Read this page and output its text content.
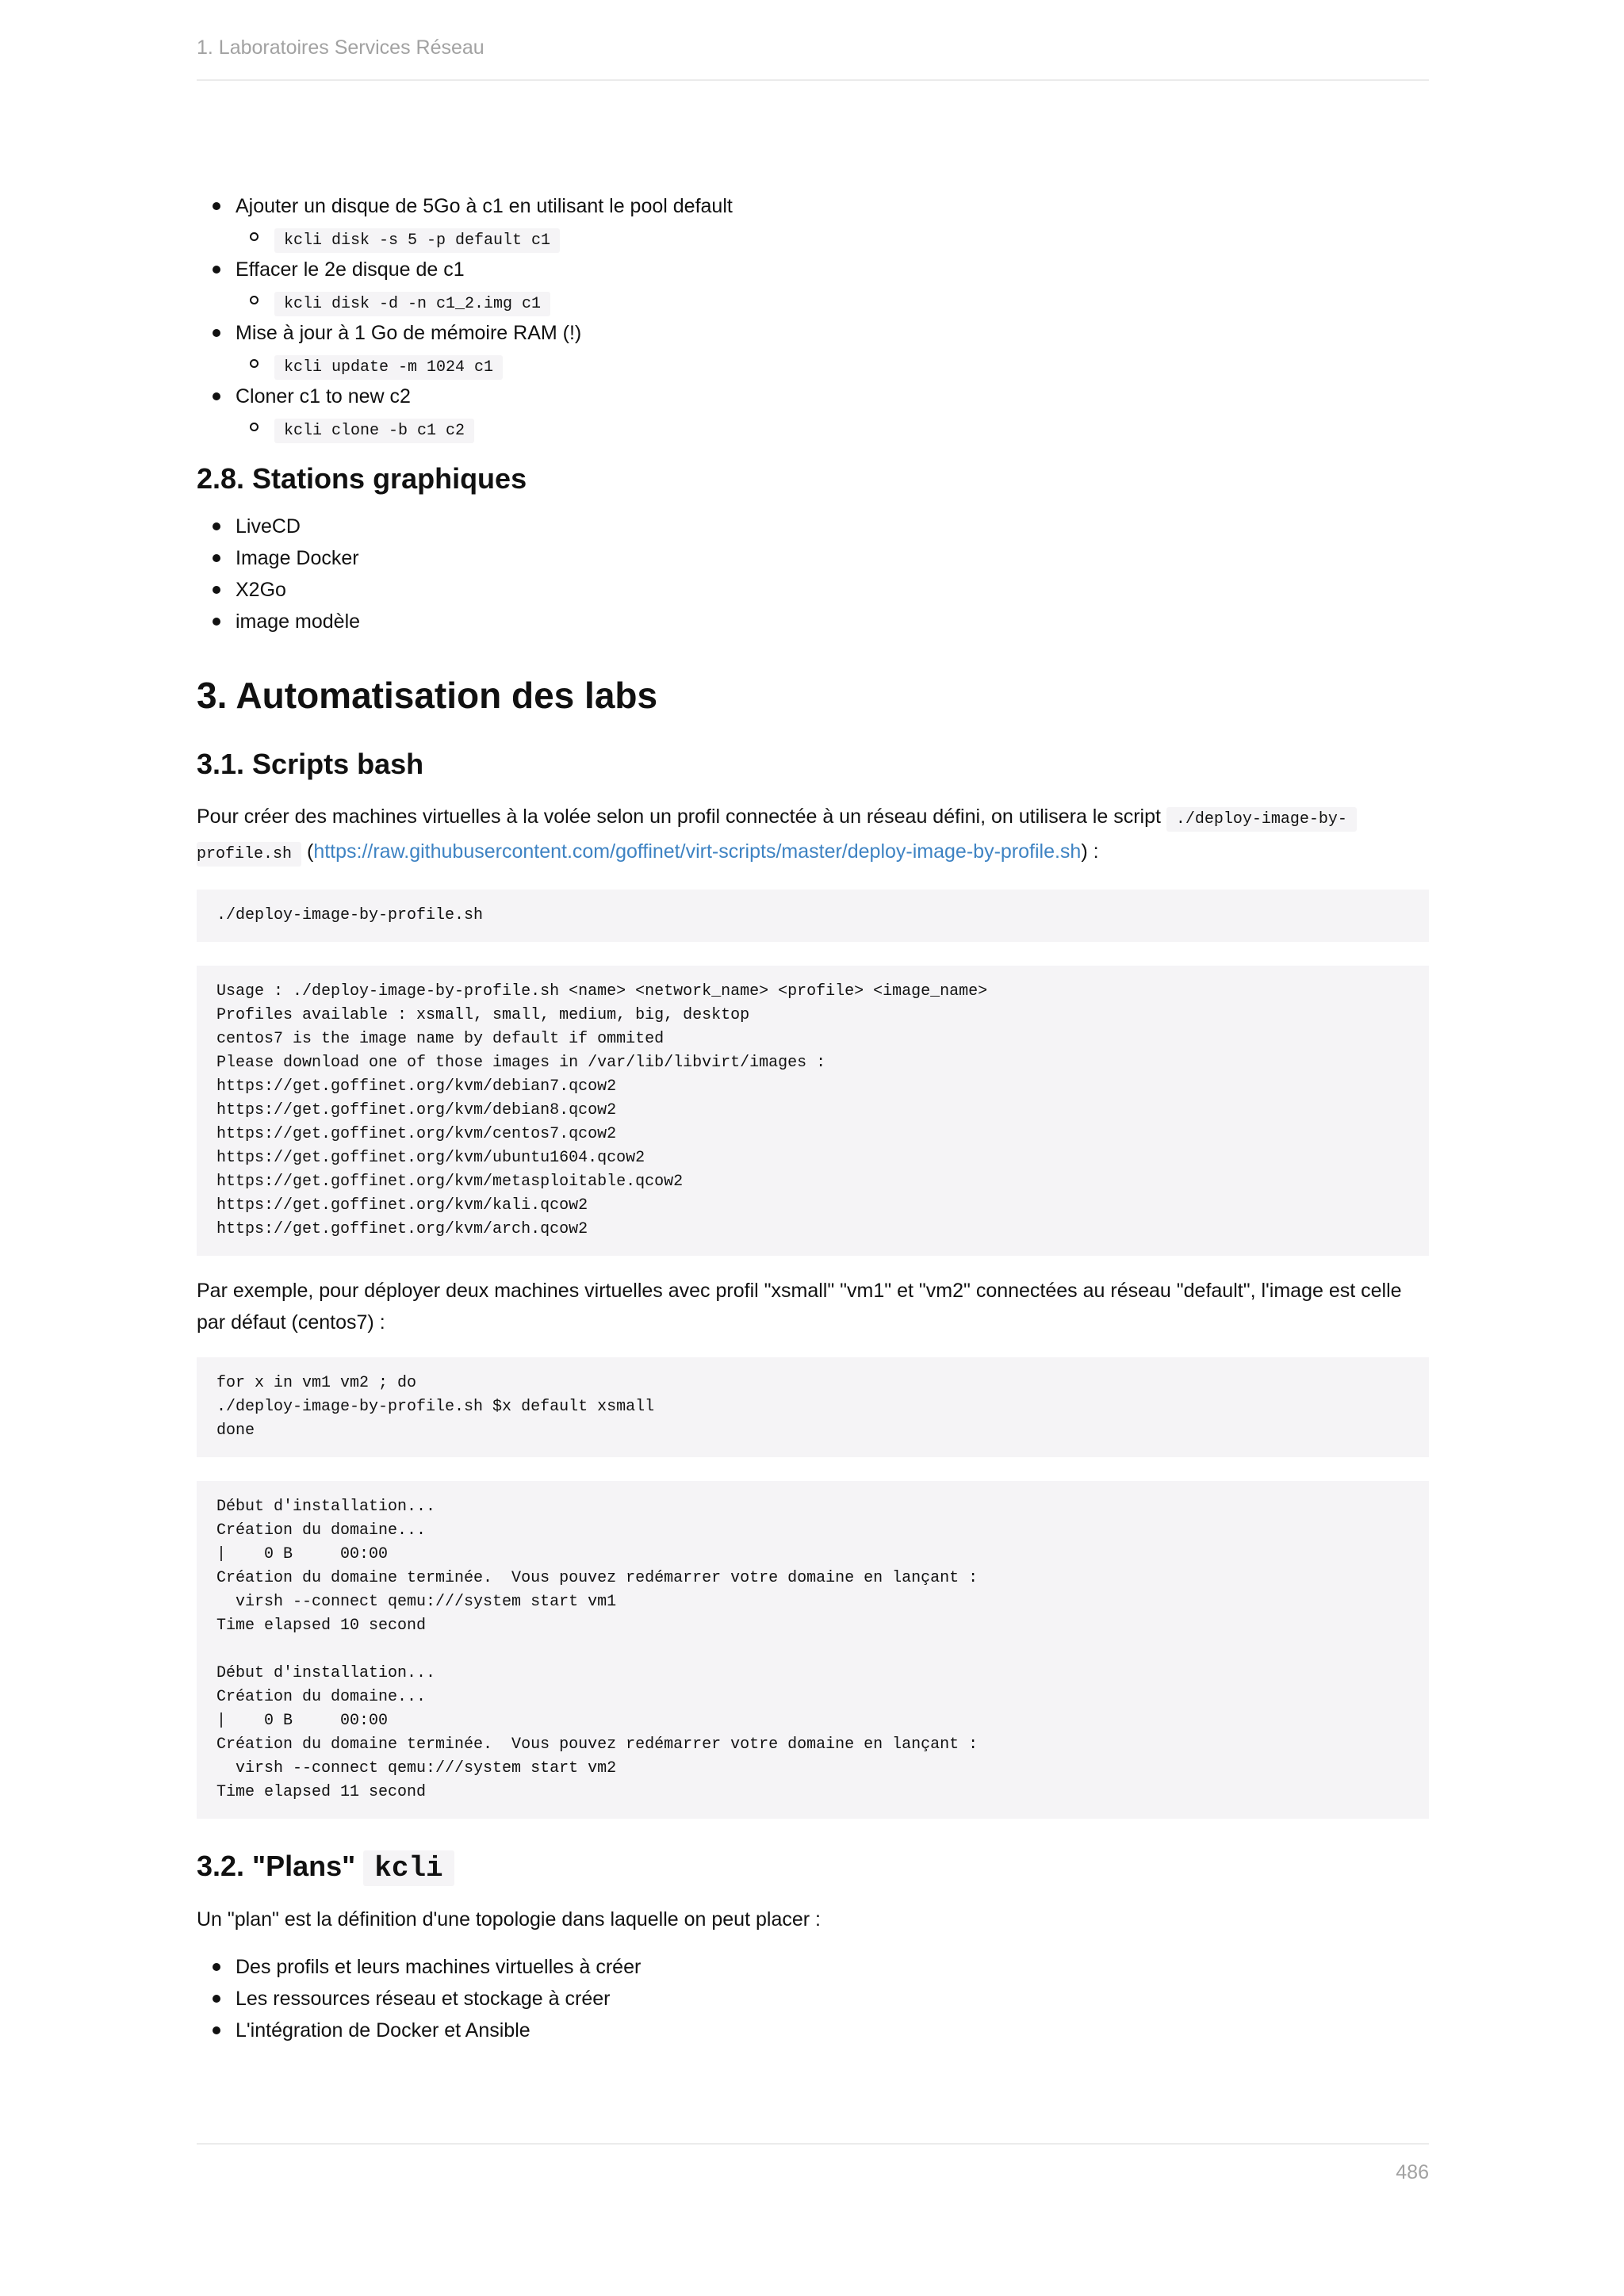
1. Laboratoires Services Réseau
Ajouter un disque de 5Go à c1 en utilisant le pool default
kcli disk -s 5 -p default c1
Effacer le 2e disque de c1
kcli disk -d -n c1_2.img c1
Mise à jour à 1 Go de mémoire RAM (!)
kcli update -m 1024 c1
Cloner c1 to new c2
kcli clone -b c1 c2
2.8. Stations graphiques
LiveCD
Image Docker
X2Go
image modèle
3. Automatisation des labs
3.1. Scripts bash

Pour créer des machines virtuelles à la volée selon un profil connectée à un réseau défini, on utilisera le script ./deploy-image-by-
profile.sh (https://raw.githubusercontent.com/goffinet/virt-scripts/master/deploy-image-by-profile.sh) :

./deploy-image-by-profile.sh
Usage : ./deploy-image-by-profile.sh <name> <network_name> <profile> <image_name>
Profiles available : xsmall, small, medium, big, desktop
centos7 is the image name by default if ommited
Please download one of those images in /var/lib/libvirt/images :
https://get.goffinet.org/kvm/debian7.qcow2
https://get.goffinet.org/kvm/debian8.qcow2
https://get.goffinet.org/kvm/centos7.qcow2
https://get.goffinet.org/kvm/ubuntu1604.qcow2
https://get.goffinet.org/kvm/metasploitable.qcow2
https://get.goffinet.org/kvm/kali.qcow2
https://get.goffinet.org/kvm/arch.qcow2

Par exemple, pour déployer deux machines virtuelles avec profil "xsmall" "vm1" et "vm2" connectées au réseau "default", l'image est celle par défaut (centos7) :

for x in vm1 vm2 ; do
./deploy-image-by-profile.sh $x default xsmall
done
Début d'installation...
Création du domaine...
|    0 B     00:00
Création du domaine terminée.  Vous pouvez redémarrer votre domaine en lançant :
virsh --connect qemu:///system start vm1
Time elapsed 10 second

Début d'installation...
Création du domaine...
|    0 B     00:00
Création du domaine terminée.  Vous pouvez redémarrer votre domaine en lançant :
virsh --connect qemu:///system start vm2
Time elapsed 11 second
3.2. "Plans" kcli

Un "plan" est la définition d'une topologie dans laquelle on peut placer :

Des profils et leurs machines virtuelles à créer
Les ressources réseau et stockage à créer
L'intégration de Docker et Ansible
486
